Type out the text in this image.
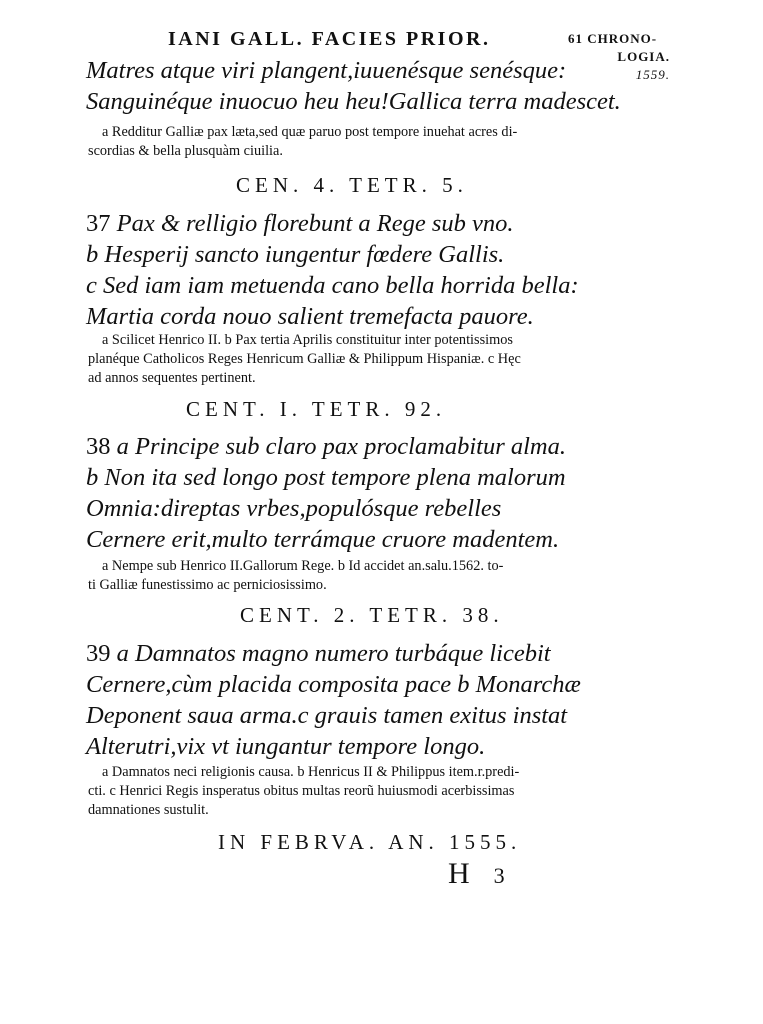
IANI GALL. FACIES PRIOR.	61 CHRONO-
LOGIA.
1559.
Matres atque viri plangent,iuuenésque senésque:
Sanguinéque inuocuo heu heu!Gallica terra madescet.
a Redditur Galliæ pax læta,sed quæ paruo post tempore inuehat acres di-
scordias & bella plusquàm ciuilia.
CEN. 4. TETR. 5.
37 Pax & relligio florebunt a Rege sub vno.
b Hesperij sancto iungentur fœdere Gallis.
c Sed iam iam metuenda cano bella horrida bella:
Martia corda nouo salient tremefacta pauore.
a Scilicet Henrico II. b Pax tertia Aprilis constituitur inter potentissimos
planéque Catholicos Reges Henricum Galliæ & Philippum Hispaniæ. c Hęc
ad annos sequentes pertinent.
CENT. I. TETR. 92.
38 a Principe sub claro pax proclamabitur alma.
b Non ita sed longo post tempore plena malorum
Omnia:direptas vrbes,populósque rebelles
Cernere erit,multo terrámque cruore madentem.
a Nempe sub Henrico II.Gallorum Rege. b Id accidet an.salu.1562. to-
ti Galliæ funestissimo ac perniciosissimo.
CENT. 2. TETR. 38.
39 a Damnatos magno numero turbáque licebit
Cernere,cùm placida composita pace b Monarchæ
Deponent saua arma.c grauis tamen exitus instat
Alterutri,vix vt iungantur tempore longo.
a Damnatos neci religionis causa. b Henricus II & Philippus item.r.predi-
cti. c Henrici Regis insperatus obitus multas reorũ huiusmodi acerbissimas
damnationes sustulit.
IN FEBRVA. AN. 1555.
H 3
